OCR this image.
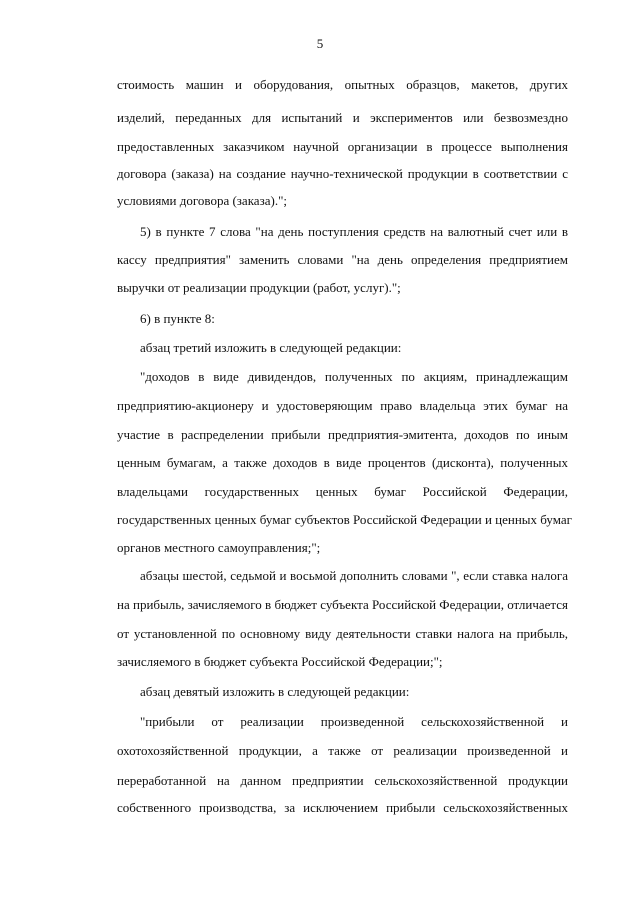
5
стоимость машин и оборудования, опытных образцов, макетов, других
изделий, переданных для испытаний и экспериментов или безвозмездно
предоставленных заказчиком научной организации в процессе выполнения
договора (заказа) на создание научно-технической продукции в соответствии с
условиями договора (заказа).";
5) в пункте 7 слова "на день поступления средств на валютный счет или в
кассу предприятия" заменить словами "на день определения предприятием
выручки от реализации продукции (работ, услуг).";
6) в пункте 8:
абзац третий изложить в следующей редакции:
"доходов в виде дивидендов, полученных по акциям, принадлежащим
предприятию-акционеру и удостоверяющим право владельца этих бумаг на
участие в распределении прибыли предприятия-эмитента, доходов по иным
ценным бумагам, а также доходов в виде процентов (дисконта), полученных
владельцами государственных ценных бумаг Российской Федерации,
государственных ценных бумаг субъектов Российской Федерации и ценных бумаг
органов местного самоуправления;";
абзацы шестой, седьмой и восьмой дополнить словами ", если ставка налога
на прибыль, зачисляемого в бюджет субъекта Российской Федерации, отличается
от установленной по основному виду деятельности ставки налога на прибыль,
зачисляемого в бюджет субъекта Российской Федерации;";
абзац девятый изложить в следующей редакции:
"прибыли от реализации произведенной сельскохозяйственной и
охотохозяйственной продукции, а также от реализации произведенной и
переработанной на данном предприятии сельскохозяйственной продукции
собственного производства, за исключением прибыли сельскохозяйственных
